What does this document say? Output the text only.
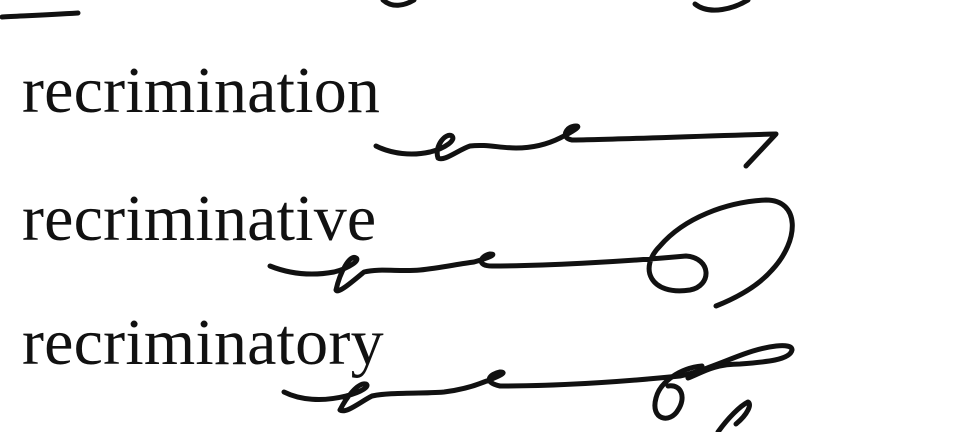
recrimination
recriminative
recriminatory
